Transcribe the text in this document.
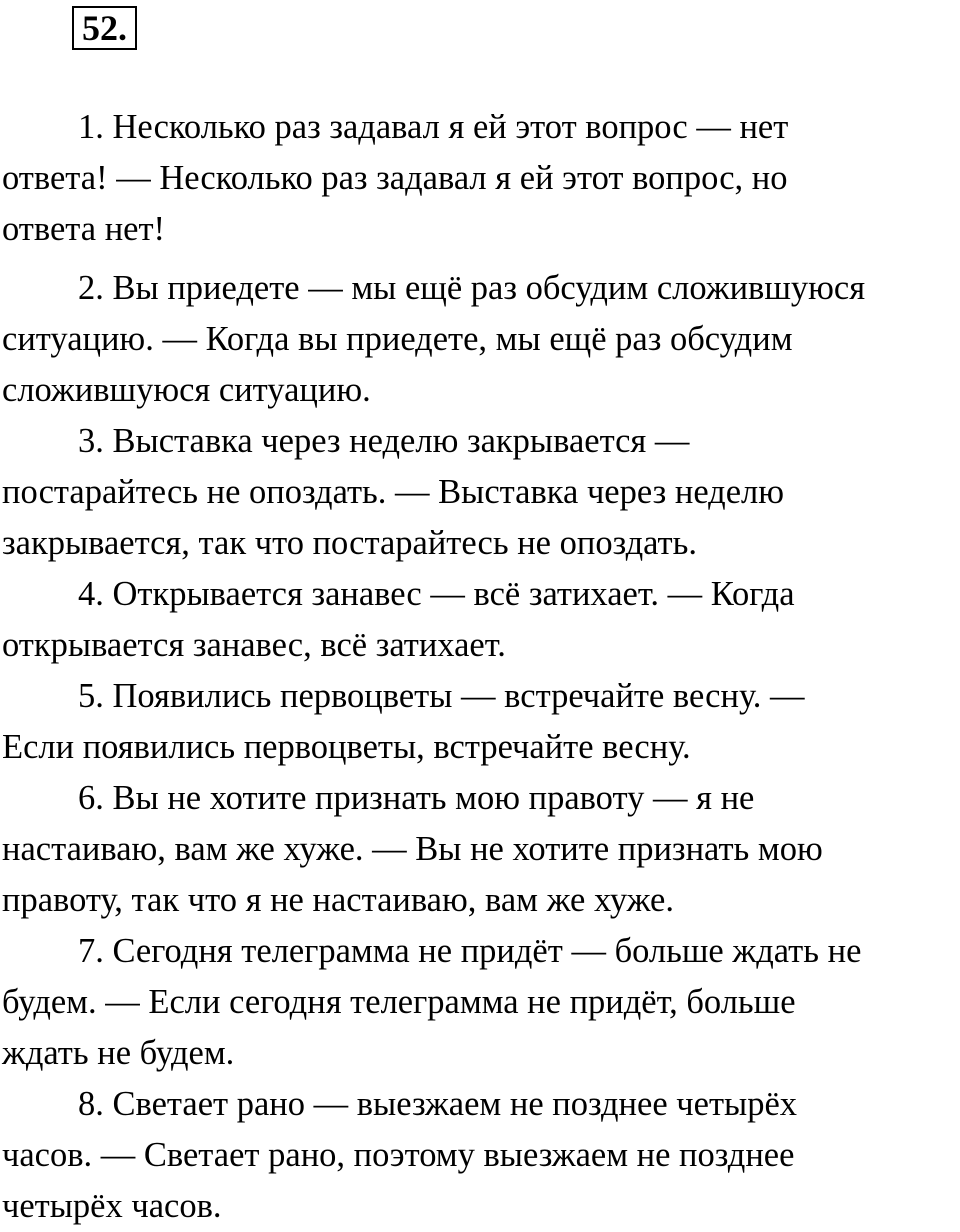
52.

1. Несколько раз задавал я ей этот вопрос — нет
ответа! — Несколько раз задавал я ей этот вопрос, но
ответа нет!

2. Вы приедете — мы ещё раз обсудим сложившуюся
ситуацию. — Когда вы приедете, мы ещё раз обсудим
сложившуюся ситуацию.

3. Выставка через неделю закрывается —
постарайтесь не опоздать. — Выставка через неделю
закрывается, так что постарайтесь не опоздать.

4. Открывается занавес — всё затихает. — Когда
открывается занавес, всё затихает.

5. Появились первоцветы — встречайте весну. —
Если появились первоцветы, встречайте весну.

6. Вы не хотите признать мою правоту — я не
настаиваю, вам же хуже. — Вы не хотите признать мою
правоту, так что я не настаиваю, вам же хуже.

7. Сегодня телеграмма не придёт — больше ждать не
будем. — Если сегодня телеграмма не придёт, больше
ждать не будем.

8. Светает рано — выезжаем не позднее четырёх
часов. — Светает рано, поэтому выезжаем не позднее
четырёх часов.
